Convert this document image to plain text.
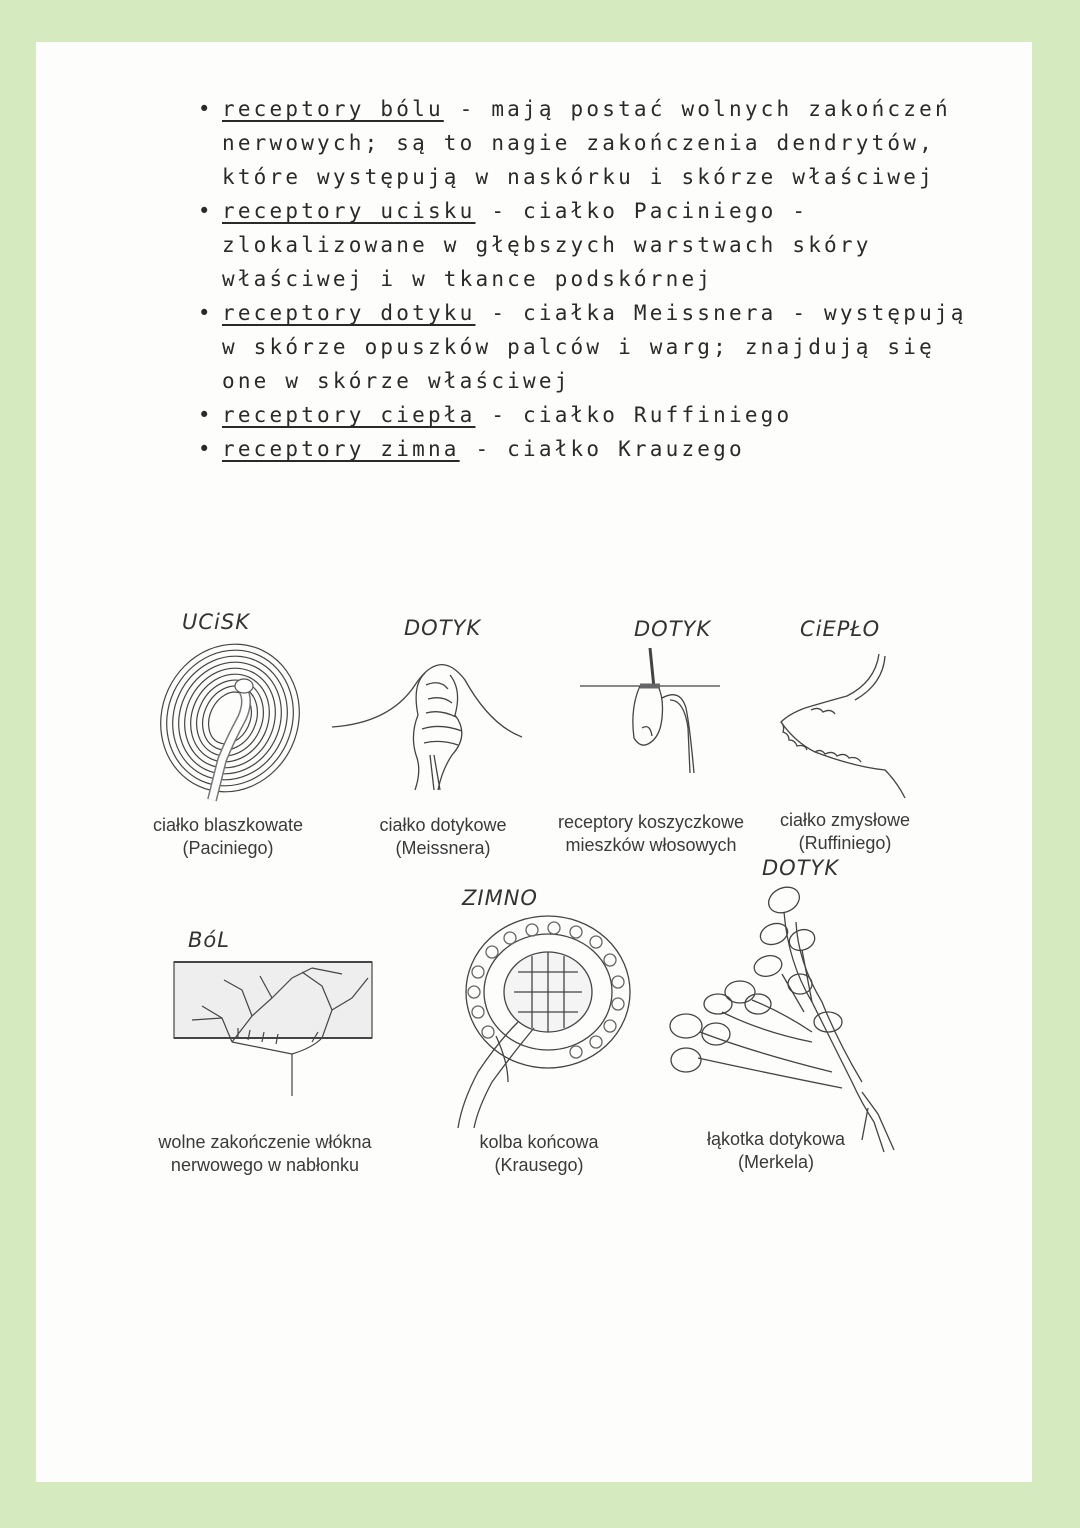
• receptory bólu - mają postać wolnych zakończeń nerwowych; są to nagie zakończenia dendrytów, które występują w naskórku i skórze właściwej
• receptory ucisku - ciałko Paciniego - zlokalizowane w głębszych warstwach skóry właściwej i w tkance podskórnej
• receptory dotyku - ciałka Meissnera - występują w skórze opuszków palców i warg; znajdują się one w skórze właściwej
• receptory ciepła - ciałko Ruffiniego
• receptory zimna - ciałko Krauzego
UCiSK
ciałko blaszkowate
(Paciniego)
DOTYK
ciałko dotykowe
(Meissnera)
DOTYK
receptory koszyczkowe
mieszków włosowych
CiEPŁO
ciałko zmysłowe
(Ruffiniego)
BóL
wolne zakończenie włókna
nerwowego w nabłonku
ZIMNO
kolba końcowa
(Krausego)
DOTYK
łąkotka dotykowa
(Merkela)
